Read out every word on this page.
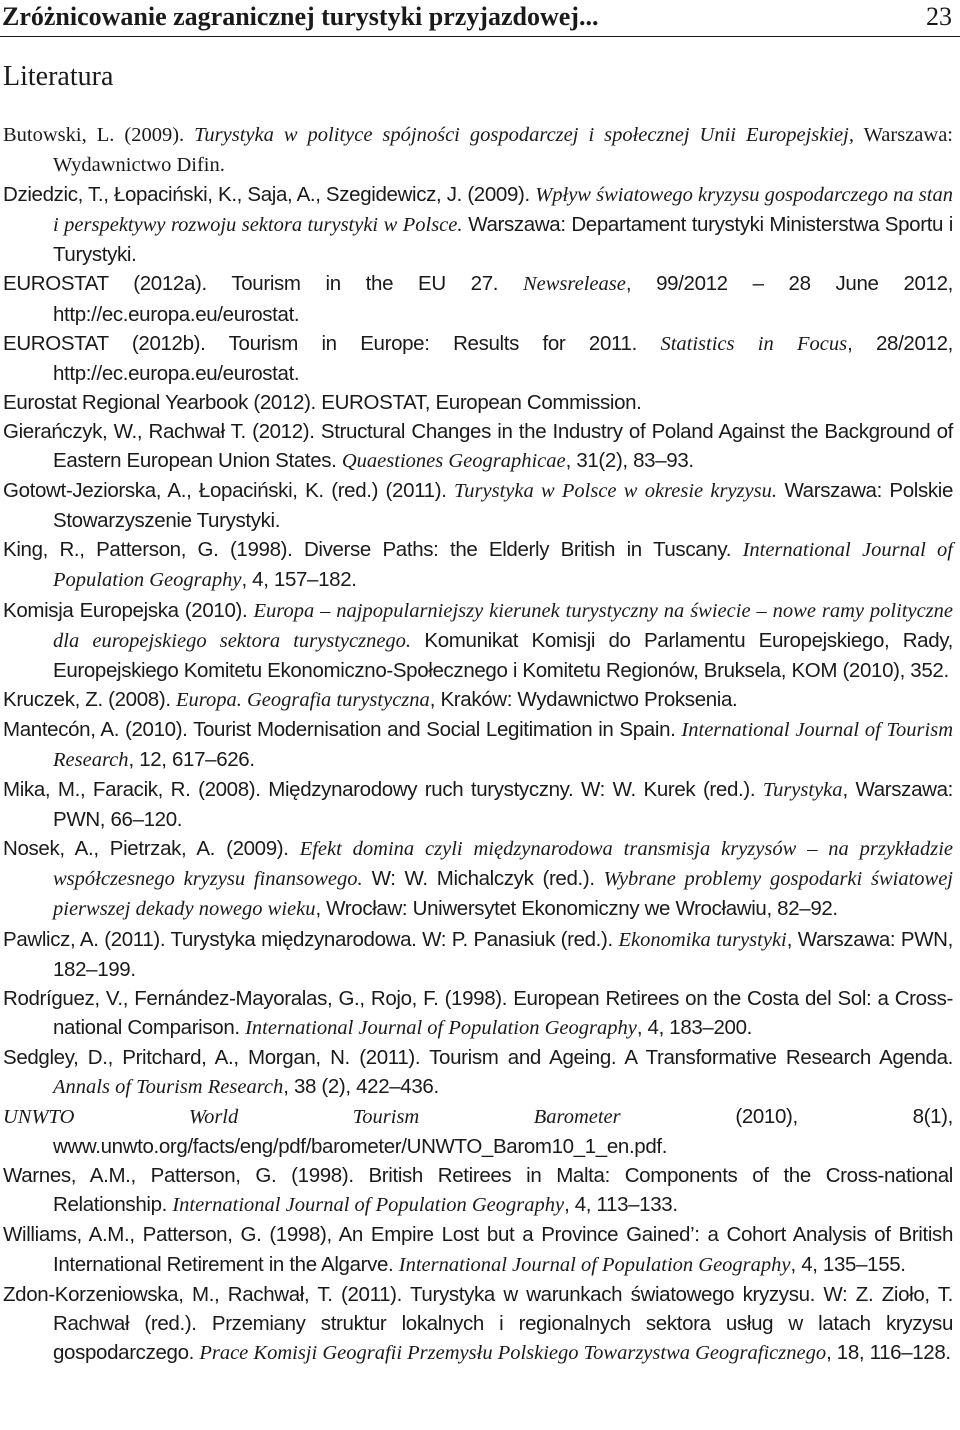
Zróżnicowanie zagranicznej turystyki przyjazdowej...	23
Literatura
Butowski, L. (2009). Turystyka w polityce spójności gospodarczej i społecznej Unii Europejskiej, Warszawa: Wydawnictwo Difin.
Dziedzic, T., Łopaciński, K., Saja, A., Szegidewicz, J. (2009). Wpływ światowego kryzysu gospodarczego na stan i perspektywy rozwoju sektora turystyki w Polsce. Warszawa: Departament turystyki Ministerstwa Sportu i Turystyki.
EUROSTAT (2012a). Tourism in the EU 27. Newsrelease, 99/2012 – 28 June 2012, http://ec.europa.eu/eurostat.
EUROSTAT (2012b). Tourism in Europe: Results for 2011. Statistics in Focus, 28/2012, http://ec.europa.eu/eurostat.
Eurostat Regional Yearbook (2012). EUROSTAT, European Commission.
Gierańczyk, W., Rachwał T. (2012). Structural Changes in the Industry of Poland Against the Background of Eastern European Union States. Quaestiones Geographicae, 31(2), 83–93.
Gotowt-Jeziorska, A., Łopaciński, K. (red.) (2011). Turystyka w Polsce w okresie kryzysu. Warszawa: Polskie Stowarzyszenie Turystyki.
King, R., Patterson, G. (1998). Diverse Paths: the Elderly British in Tuscany. International Journal of Population Geography, 4, 157–182.
Komisja Europejska (2010). Europa – najpopularniejszy kierunek turystyczny na świecie – nowe ramy polityczne dla europejskiego sektora turystycznego. Komunikat Komisji do Parlamentu Europejskiego, Rady, Europejskiego Komitetu Ekonomiczno-Społecznego i Komitetu Regionów, Bruksela, KOM (2010), 352.
Kruczek, Z. (2008). Europa. Geografia turystyczna, Kraków: Wydawnictwo Proksenia.
Mantecón, A. (2010). Tourist Modernisation and Social Legitimation in Spain. International Journal of Tourism Research, 12, 617–626.
Mika, M., Faracik, R. (2008). Międzynarodowy ruch turystyczny. W: W. Kurek (red.). Turystyka, Warszawa: PWN, 66–120.
Nosek, A., Pietrzak, A. (2009). Efekt domina czyli międzynarodowa transmisja kryzysów – na przykładzie współczesnego kryzysu finansowego. W: W. Michalczyk (red.). Wybrane problemy gospodarki światowej pierwszej dekady nowego wieku, Wrocław: Uniwersytet Ekonomiczny we Wrocławiu, 82–92.
Pawlicz, A. (2011). Turystyka międzynarodowa. W: P. Panasiuk (red.). Ekonomika turystyki, Warszawa: PWN, 182–199.
Rodríguez, V., Fernández-Mayoralas, G., Rojo, F. (1998). European Retirees on the Costa del Sol: a Cross-national Comparison. International Journal of Population Geography, 4, 183–200.
Sedgley, D., Pritchard, A., Morgan, N. (2011). Tourism and Ageing. A Transformative Research Agenda. Annals of Tourism Research, 38 (2), 422–436.
UNWTO World Tourism Barometer (2010), 8(1), www.unwto.org/facts/eng/pdf/barometer/UNWTO_Barom10_1_en.pdf.
Warnes, A.M., Patterson, G. (1998). British Retirees in Malta: Components of the Cross-national Relationship. International Journal of Population Geography, 4, 113–133.
Williams, A.M., Patterson, G. (1998), An Empire Lost but a Province Gained’: a Cohort Analysis of British International Retirement in the Algarve. International Journal of Population Geography, 4, 135–155.
Zdon-Korzeniowska, M., Rachwał, T. (2011). Turystyka w warunkach światowego kryzysu. W: Z. Zioło, T. Rachwał (red.). Przemiany struktur lokalnych i regionalnych sektora usług w latach kryzysu gospodarczego. Prace Komisji Geografii Przemysłu Polskiego Towarzystwa Geograficznego, 18, 116–128.
